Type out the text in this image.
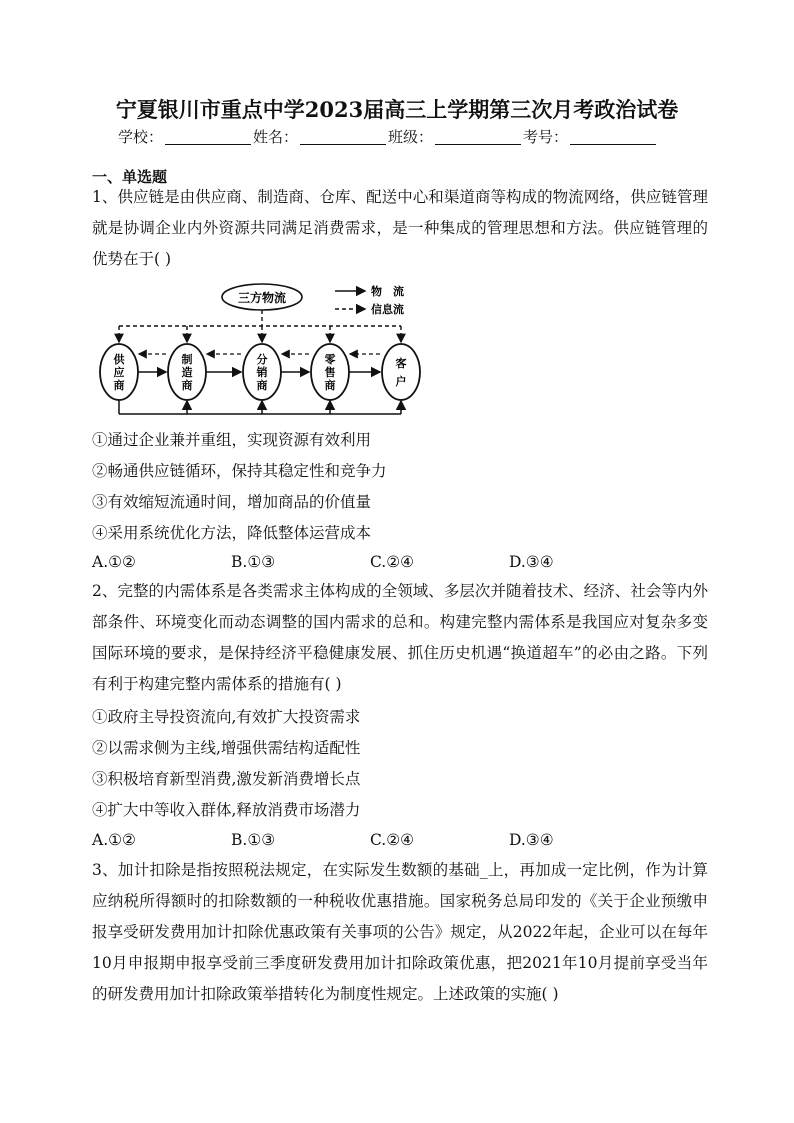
宁夏银川市重点中学2023届高三上学期第三次月考政治试卷
学校：	姓名：	班级：	考号：
一、单选题
1、供应链是由供应商、制造商、仓库、配送中心和渠道商等构成的物流网络，供应链管理就是协调企业内外资源共同满足消费需求，是一种集成的管理思想和方法。供应链管理的优势在于( )
三方物流	物　流
信息流
供应商
制造商
分销商
零售商
客户
①通过企业兼并重组，实现资源有效利用
②畅通供应链循环，保持其稳定性和竞争力
③有效缩短流通时间，增加商品的价值量
④采用系统优化方法，降低整体运营成本
A.①②	B.①③	C.②④	D.③④
2、完整的内需体系是各类需求主体构成的全领域、多层次并随着技术、经济、社会等内外部条件、环境变化而动态调整的国内需求的总和。构建完整内需体系是我国应对复杂多变国际环境的要求，是保持经济平稳健康发展、抓住历史机遇“换道超车”的必由之路。下列有利于构建完整内需体系的措施有( )
①政府主导投资流向,有效扩大投资需求
②以需求侧为主线,增强供需结构适配性
③积极培育新型消费,激发新消费增长点
④扩大中等收入群体,释放消费市场潜力
A.①②	B.①③	C.②④	D.③④
3、加计扣除是指按照税法规定，在实际发生数额的基础_上，再加成一定比例，作为计算应纳税所得额时的扣除数额的一种税收优惠措施。国家税务总局印发的《关于企业预缴申报享受研发费用加计扣除优惠政策有关事项的公告》规定，从2022年起，企业可以在每年10月申报期申报享受前三季度研发费用加计扣除政策优惠，把2021年10月提前享受当年的研发费用加计扣除政策举措转化为制度性规定。上述政策的实施( )
